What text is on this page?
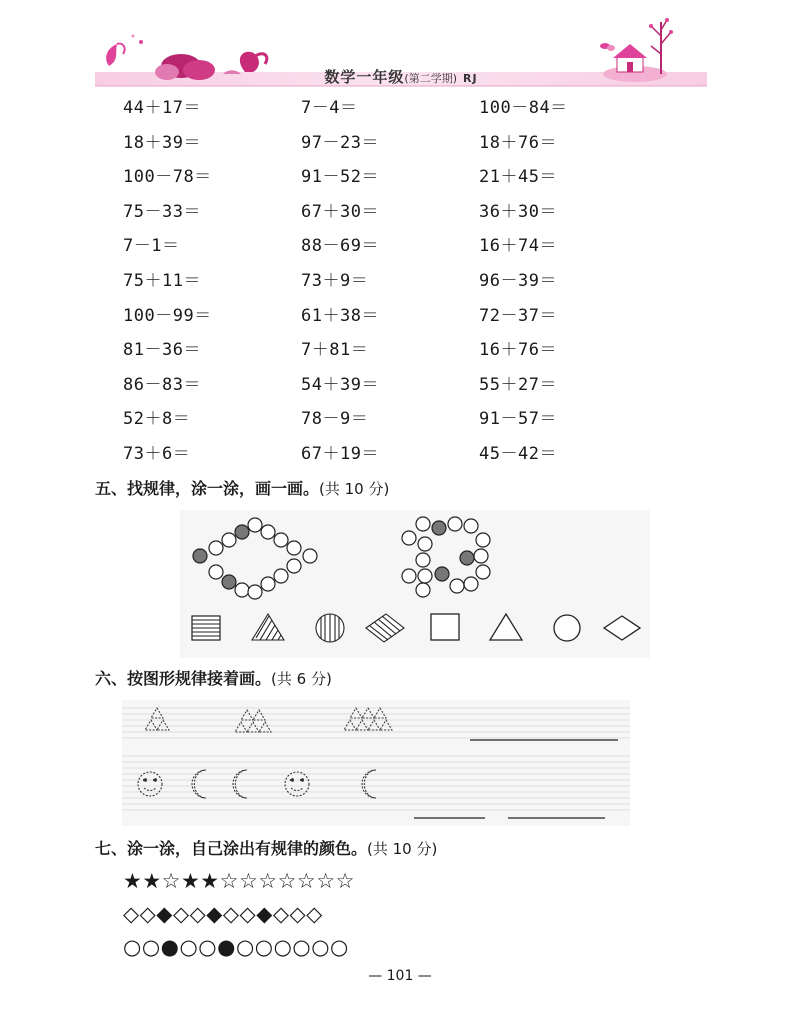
数学一年级(第二学期) RJ
44＋17＝	7－4＝	100－84＝
18＋39＝	97－23＝	18＋76＝
100－78＝	91－52＝	21＋45＝
75－33＝	67＋30＝	36＋30＝
7－1＝	88－69＝	16＋74＝
75＋11＝	73＋9＝	96－39＝
100－99＝	61＋38＝	72－37＝
81－36＝	7＋81＝	16＋76＝
86－83＝	54＋39＝	55＋27＝
52＋8＝	78－9＝	91－57＝
73＋6＝	67＋19＝	45－42＝
五、找规律，涂一涂，画一画。(共 10 分)
六、按图形规律接着画。(共 6 分)
七、涂一涂，自己涂出有规律的颜色。(共 10 分)
★★☆★★☆☆☆☆☆☆☆
◇◇◆◇◇◆◇◇◆◇◇◇
○○●○○●○○○○○○
— 101 —
